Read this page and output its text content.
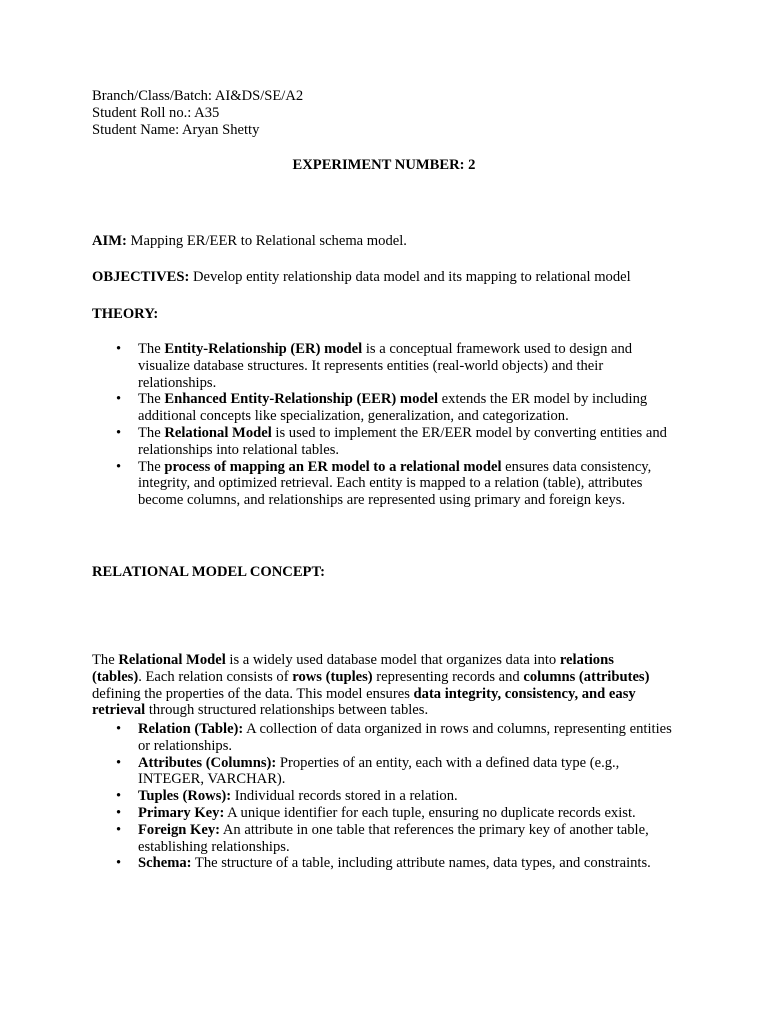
Branch/Class/Batch: AI&DS/SE/A2
Student Roll no.: A35
Student Name: Aryan Shetty
EXPERIMENT NUMBER: 2

AIM: Mapping ER/EER to Relational schema model.

OBJECTIVES: Develop entity relationship data model and its mapping to relational model

THEORY:

• The Entity-Relationship (ER) model is a conceptual framework used to design and visualize database structures. It represents entities (real-world objects) and their relationships.
• The Enhanced Entity-Relationship (EER) model extends the ER model by including additional concepts like specialization, generalization, and categorization.
• The Relational Model is used to implement the ER/EER model by converting entities and relationships into relational tables.
• The process of mapping an ER model to a relational model ensures data consistency, integrity, and optimized retrieval. Each entity is mapped to a relation (table), attributes become columns, and relationships are represented using primary and foreign keys.

RELATIONAL MODEL CONCEPT:

The Relational Model is a widely used database model that organizes data into relations (tables). Each relation consists of rows (tuples) representing records and columns (attributes) defining the properties of the data. This model ensures data integrity, consistency, and easy retrieval through structured relationships between tables.

• Relation (Table): A collection of data organized in rows and columns, representing entities or relationships.
• Attributes (Columns): Properties of an entity, each with a defined data type (e.g., INTEGER, VARCHAR).
• Tuples (Rows): Individual records stored in a relation.
• Primary Key: A unique identifier for each tuple, ensuring no duplicate records exist.
• Foreign Key: An attribute in one table that references the primary key of another table, establishing relationships.
• Schema: The structure of a table, including attribute names, data types, and constraints.
